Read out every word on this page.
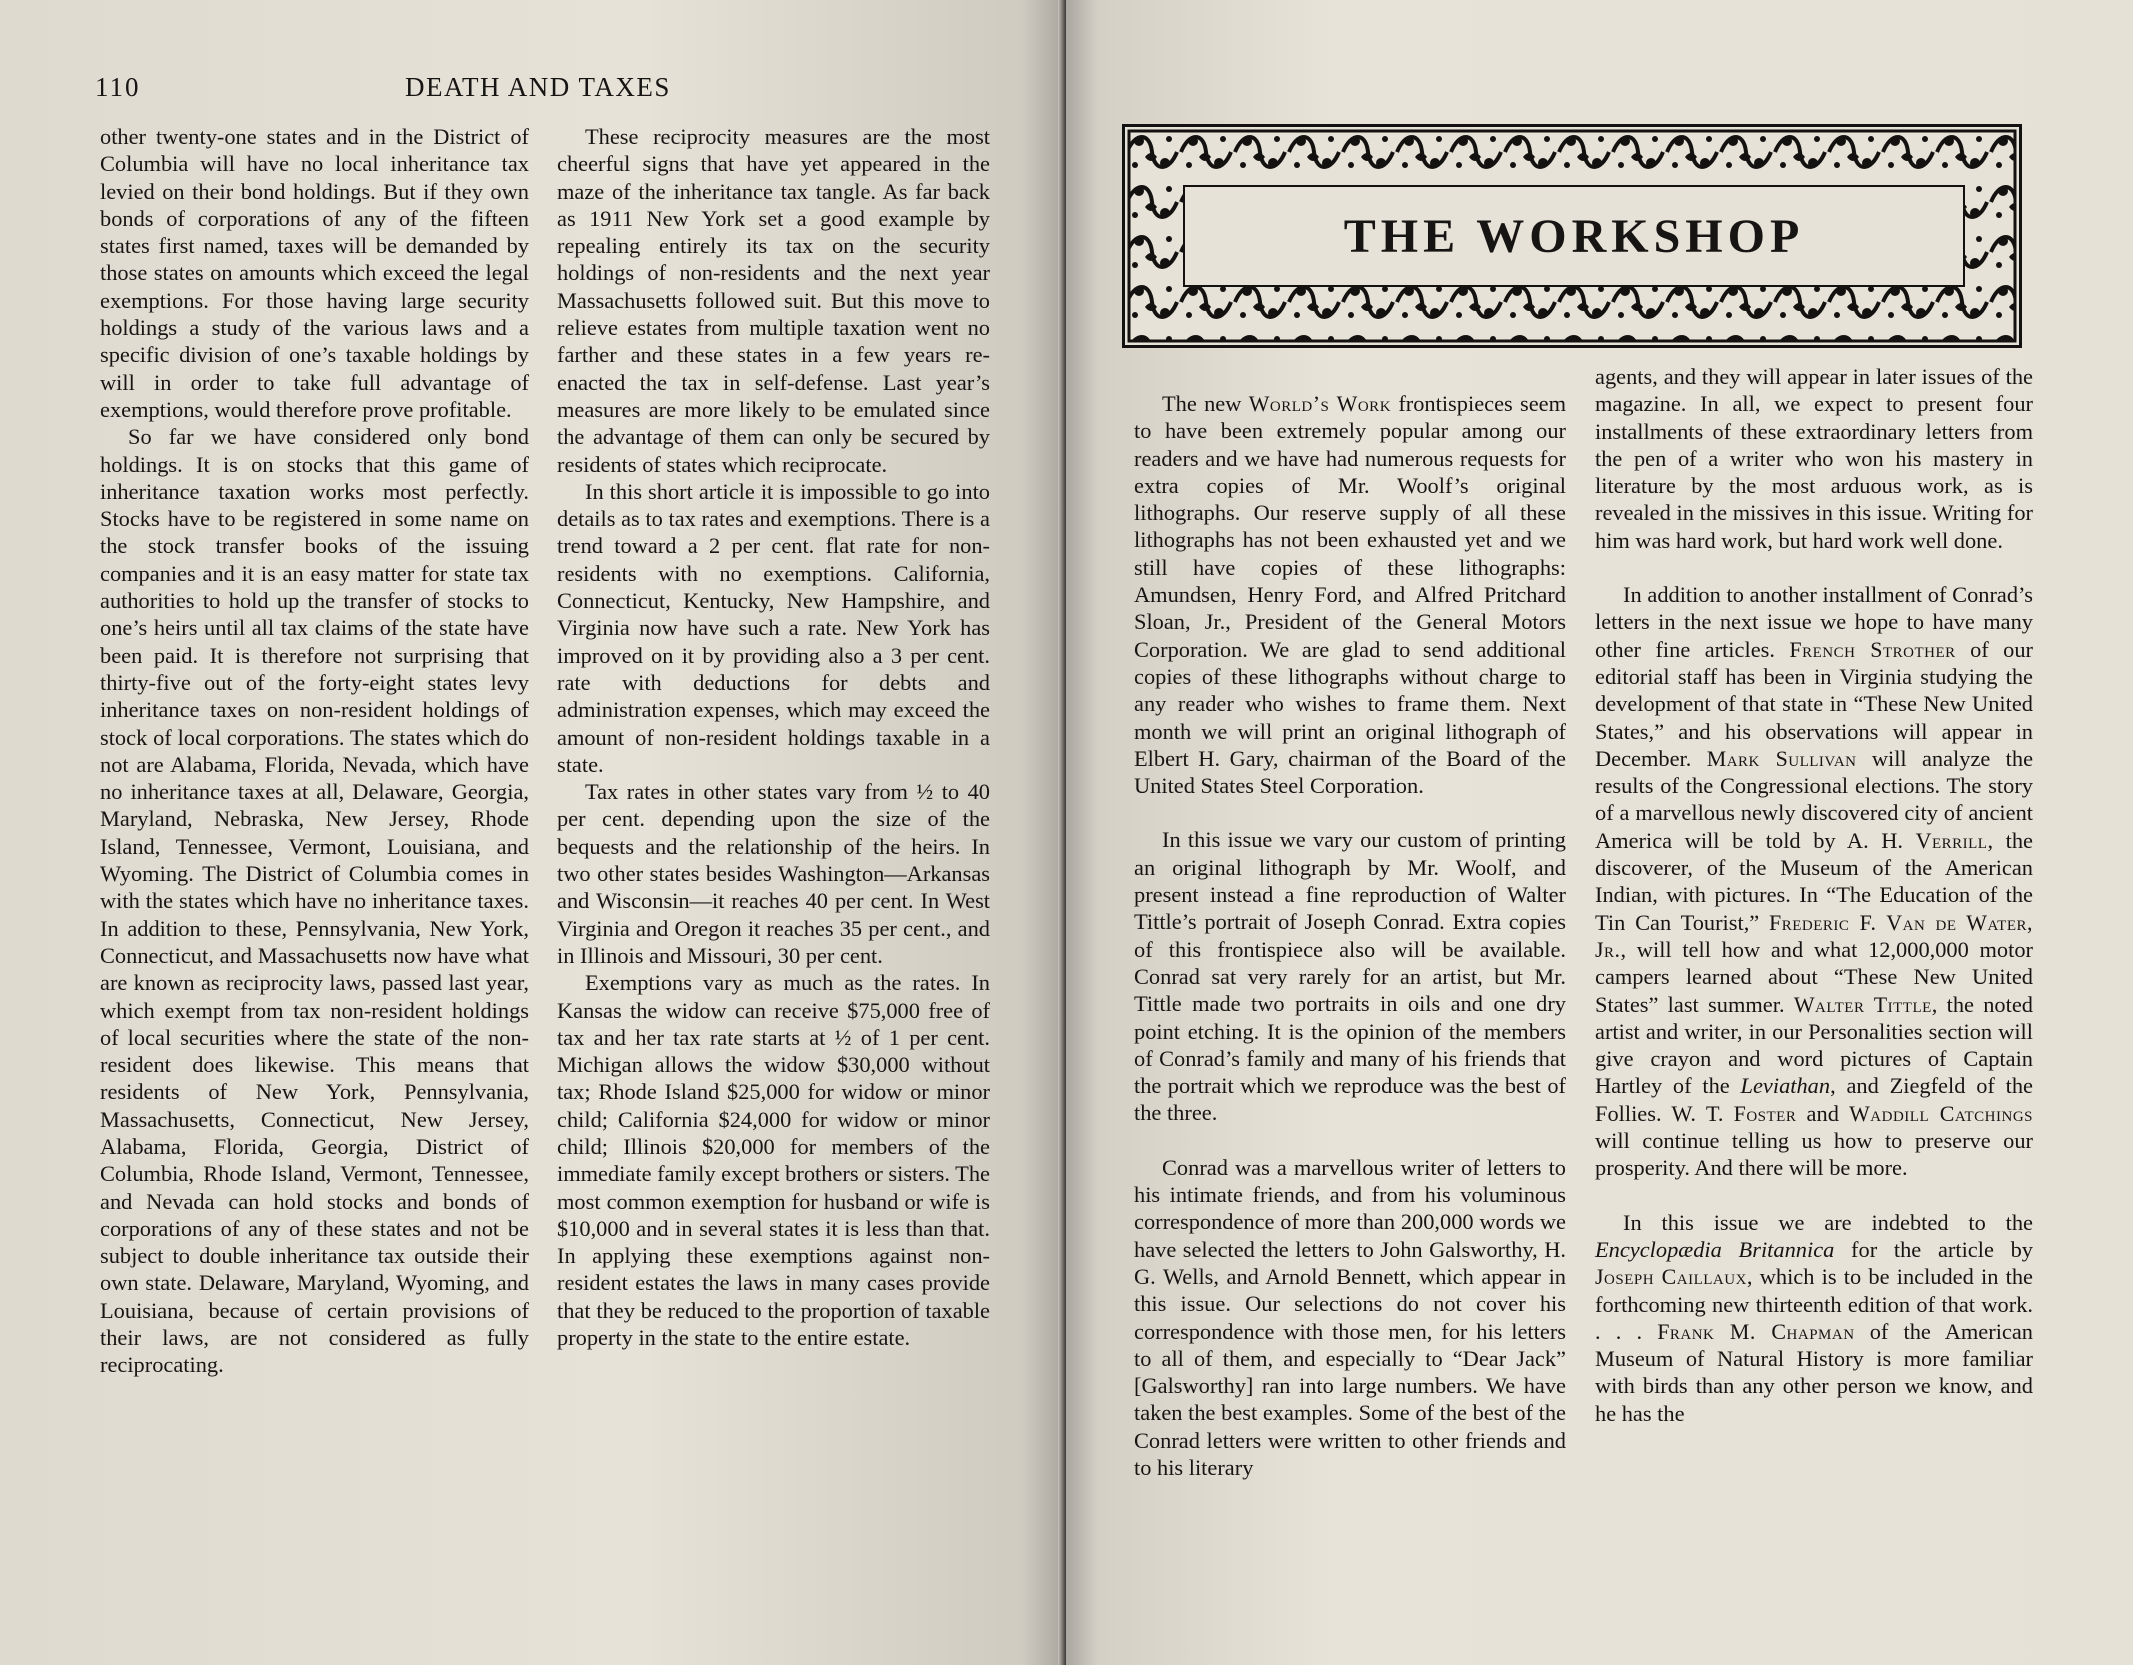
110	DEATH AND TAXES

other twenty-one states and in the District of Columbia will have no local inheritance tax levied on their bond holdings. But if they own bonds of corporations of any of the fifteen states first named, taxes will be demanded by those states on amounts which exceed the legal exemptions. For those having large security holdings a study of the various laws and a specific division of one’s taxable holdings by will in order to take full advantage of exemptions, would therefore prove profitable.

So far we have considered only bond holdings. It is on stocks that this game of inheritance taxation works most perfectly. Stocks have to be registered in some name on the stock transfer books of the issuing companies and it is an easy matter for state tax authorities to hold up the transfer of stocks to one’s heirs until all tax claims of the state have been paid. It is therefore not surprising that thirty-five out of the forty-eight states levy inheritance taxes on non-resident holdings of stock of local corporations. The states which do not are Alabama, Florida, Nevada, which have no inheritance taxes at all, Delaware, Georgia, Maryland, Nebraska, New Jersey, Rhode Island, Tennessee, Vermont, Louisiana, and Wyoming. The District of Columbia comes in with the states which have no inheritance taxes. In addition to these, Pennsylvania, New York, Connecticut, and Massachusetts now have what are known as reciprocity laws, passed last year, which exempt from tax non-resident holdings of local securities where the state of the non-resident does likewise. This means that residents of New York, Pennsylvania, Massachusetts, Connecticut, New Jersey, Alabama, Florida, Georgia, District of Columbia, Rhode Island, Vermont, Tennessee, and Nevada can hold stocks and bonds of corporations of any of these states and not be subject to double inheritance tax outside their own state. Delaware, Maryland, Wyoming, and Louisiana, because of certain provisions of their laws, are not considered as fully reciprocating.

These reciprocity measures are the most cheerful signs that have yet appeared in the maze of the inheritance tax tangle. As far back as 1911 New York set a good example by repealing entirely its tax on the security holdings of non-residents and the next year Massachusetts followed suit. But this move to relieve estates from multiple taxation went no farther and these states in a few years re-enacted the tax in self-defense. Last year’s measures are more likely to be emulated since the advantage of them can only be secured by residents of states which reciprocate.

In this short article it is impossible to go into details as to tax rates and exemptions. There is a trend toward a 2 per cent. flat rate for non-residents with no exemptions. California, Connecticut, Kentucky, New Hampshire, and Virginia now have such a rate. New York has improved on it by providing also a 3 per cent. rate with deductions for debts and administration expenses, which may exceed the amount of non-resident holdings taxable in a state.

Tax rates in other states vary from ½ to 40 per cent. depending upon the size of the bequests and the relationship of the heirs. In two other states besides Washington—Arkansas and Wisconsin—it reaches 40 per cent. In West Virginia and Oregon it reaches 35 per cent., and in Illinois and Missouri, 30 per cent.

Exemptions vary as much as the rates. In Kansas the widow can receive $75,000 free of tax and her tax rate starts at ½ of 1 per cent. Michigan allows the widow $30,000 without tax; Rhode Island $25,000 for widow or minor child; California $24,000 for widow or minor child; Illinois $20,000 for members of the immediate family except brothers or sisters. The most common exemption for husband or wife is $10,000 and in several states it is less than that. In applying these exemptions against non-resident estates the laws in many cases provide that they be reduced to the proportion of taxable property in the state to the entire estate.

THE WORKSHOP

The new World’s Work frontispieces seem to have been extremely popular among our readers and we have had numerous requests for extra copies of Mr. Woolf’s original lithographs. Our reserve supply of all these lithographs has not been exhausted yet and we still have copies of these lithographs: Amundsen, Henry Ford, and Alfred Pritchard Sloan, Jr., President of the General Motors Corporation. We are glad to send additional copies of these lithographs without charge to any reader who wishes to frame them. Next month we will print an original lithograph of Elbert H. Gary, chairman of the Board of the United States Steel Corporation.

In this issue we vary our custom of printing an original lithograph by Mr. Woolf, and present instead a fine reproduction of Walter Tittle’s portrait of Joseph Conrad. Extra copies of this frontispiece also will be available. Conrad sat very rarely for an artist, but Mr. Tittle made two portraits in oils and one dry point etching. It is the opinion of the members of Conrad’s family and many of his friends that the portrait which we reproduce was the best of the three.

Conrad was a marvellous writer of letters to his intimate friends, and from his voluminous correspondence of more than 200,000 words we have selected the letters to John Galsworthy, H. G. Wells, and Arnold Bennett, which appear in this issue. Our selections do not cover his correspondence with those men, for his letters to all of them, and especially to “Dear Jack” [Galsworthy] ran into large numbers. We have taken the best examples. Some of the best of the Conrad letters were written to other friends and to his literary

agents, and they will appear in later issues of the magazine. In all, we expect to present four installments of these extraordinary letters from the pen of a writer who won his mastery in literature by the most arduous work, as is revealed in the missives in this issue. Writing for him was hard work, but hard work well done.

In addition to another installment of Conrad’s letters in the next issue we hope to have many other fine articles. French Strother of our editorial staff has been in Virginia studying the development of that state in “These New United States,” and his observations will appear in December. Mark Sullivan will analyze the results of the Congressional elections. The story of a marvellous newly discovered city of ancient America will be told by A. H. Verrill, the discoverer, of the Museum of the American Indian, with pictures. In “The Education of the Tin Can Tourist,” Frederic F. Van de Water, Jr., will tell how and what 12,000,000 motor campers learned about “These New United States” last summer. Walter Tittle, the noted artist and writer, in our Personalities section will give crayon and word pictures of Captain Hartley of the Leviathan, and Ziegfeld of the Follies. W. T. Foster and Waddill Catchings will continue telling us how to preserve our prosperity. And there will be more.

In this issue we are indebted to the Encyclopædia Britannica for the article by Joseph Caillaux, which is to be included in the forthcoming new thirteenth edition of that work. . . . Frank M. Chapman of the American Museum of Natural History is more familiar with birds than any other person we know, and he has the
